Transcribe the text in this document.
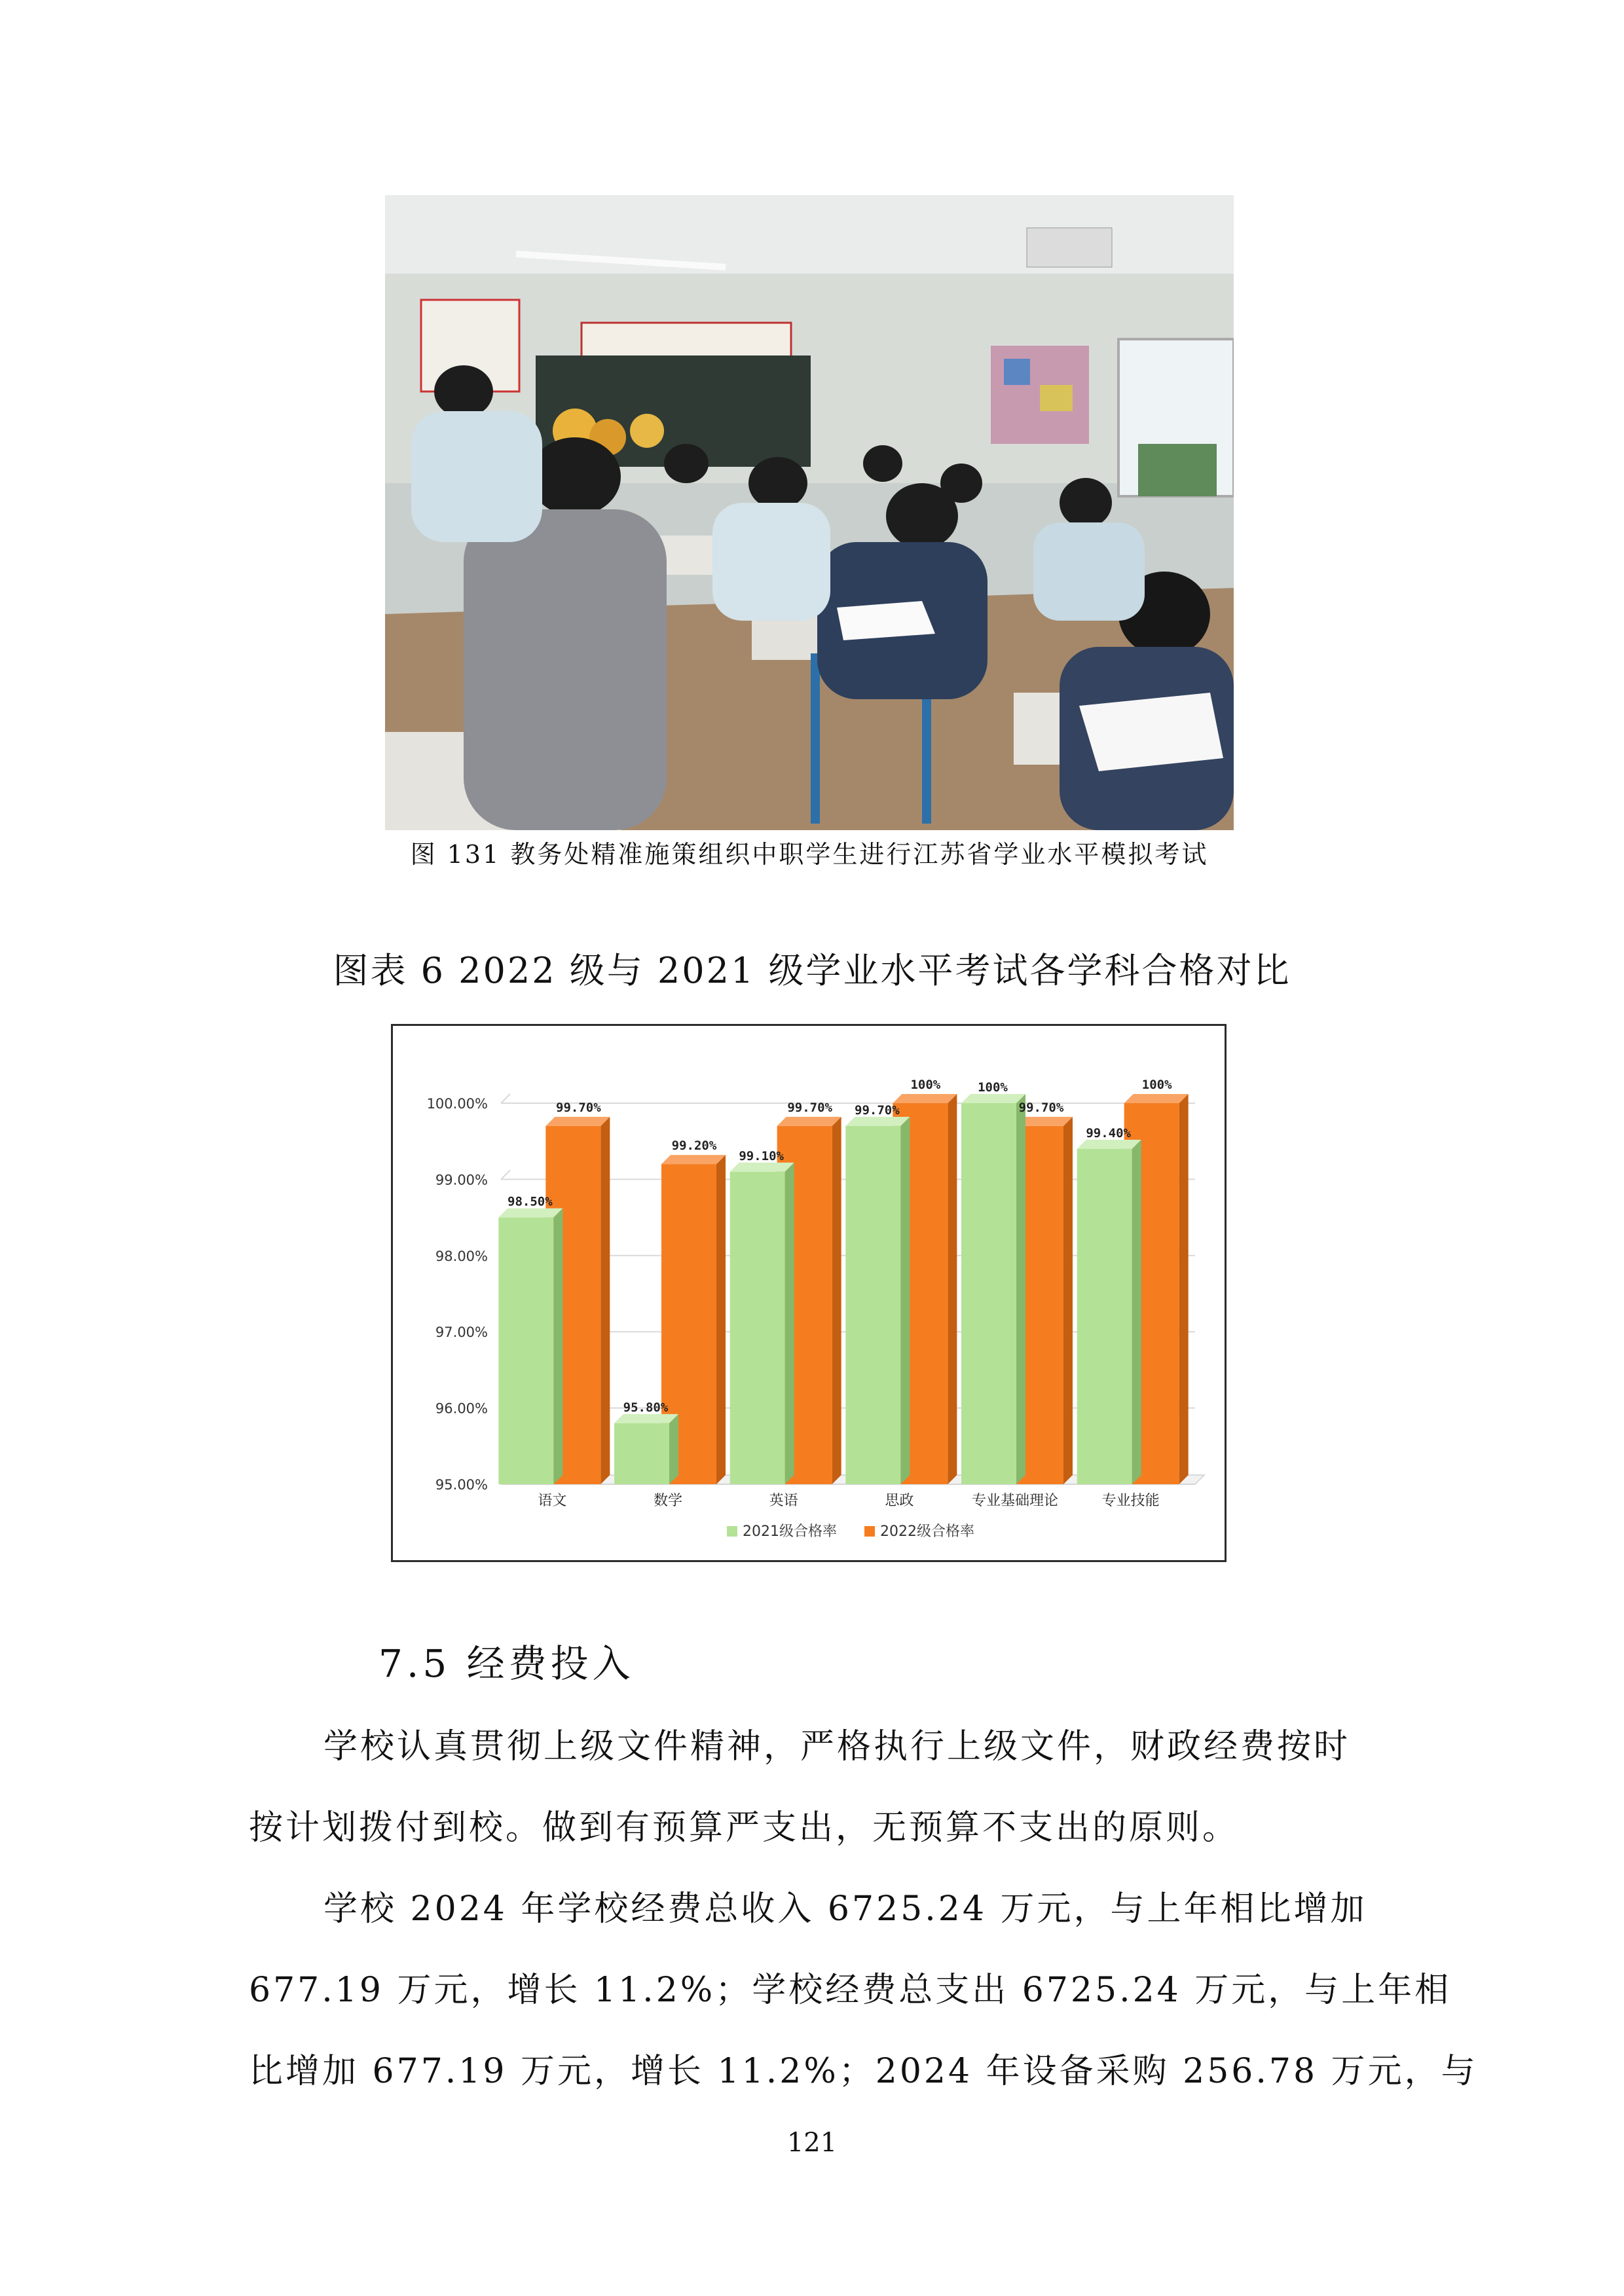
图 131 教务处精准施策组织中职学生进行江苏省学业水平模拟考试
图表 6 2022 级与 2021 级学业水平考试各学科合格对比
95.00%
96.00%
97.00%
98.00%
99.00%
100.00%	99.70%
98.50%
语文
99.20%
95.80%
数学
99.70%
99.10%
英语
100%
99.70%
思政
99.70%
100%
专业基础理论
100%
99.40%
专业技能
2021级合格率	2022级合格率
7.5 经费投入

学校认真贯彻上级文件精神，严格执行上级文件，财政经费按时
按计划拨付到校。做到有预算严支出，无预算不支出的原则。

学校 2024 年学校经费总收入 6725.24 万元，与上年相比增加
677.19 万元，增长 11.2%；学校经费总支出 6725.24 万元，与上年相
比增加 677.19 万元，增长 11.2%；2024 年设备采购 256.78 万元，与

121
